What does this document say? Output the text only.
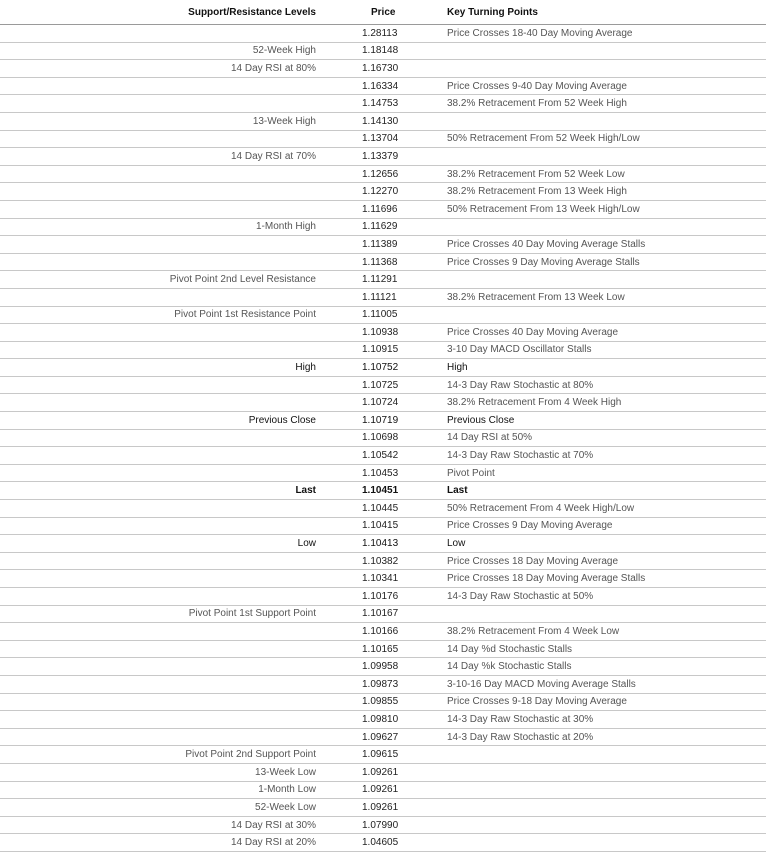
Support/Resistance Levels	Price	Key Turning Points
	1.28113	Price Crosses 18-40 Day Moving Average
52-Week High	1.18148	
14 Day RSI at 80%	1.16730	
	1.16334	Price Crosses 9-40 Day Moving Average
	1.14753	38.2% Retracement From 52 Week High
13-Week High	1.14130	
	1.13704	50% Retracement From 52 Week High/Low
14 Day RSI at 70%	1.13379	
	1.12656	38.2% Retracement From 52 Week Low
	1.12270	38.2% Retracement From 13 Week High
	1.11696	50% Retracement From 13 Week High/Low
1-Month High	1.11629	
	1.11389	Price Crosses 40 Day Moving Average Stalls
	1.11368	Price Crosses 9 Day Moving Average Stalls
Pivot Point 2nd Level Resistance	1.11291	
	1.11121	38.2% Retracement From 13 Week Low
Pivot Point 1st Resistance Point	1.11005	
	1.10938	Price Crosses 40 Day Moving Average
	1.10915	3-10 Day MACD Oscillator Stalls
High	1.10752	High
	1.10725	14-3 Day Raw Stochastic at 80%
	1.10724	38.2% Retracement From 4 Week High
Previous Close	1.10719	Previous Close
	1.10698	14 Day RSI at 50%
	1.10542	14-3 Day Raw Stochastic at 70%
	1.10453	Pivot Point
Last	1.10451	Last
	1.10445	50% Retracement From 4 Week High/Low
	1.10415	Price Crosses 9 Day Moving Average
Low	1.10413	Low
	1.10382	Price Crosses 18 Day Moving Average
	1.10341	Price Crosses 18 Day Moving Average Stalls
	1.10176	14-3 Day Raw Stochastic at 50%
Pivot Point 1st Support Point	1.10167	
	1.10166	38.2% Retracement From 4 Week Low
	1.10165	14 Day %d Stochastic Stalls
	1.09958	14 Day %k Stochastic Stalls
	1.09873	3-10-16 Day MACD Moving Average Stalls
	1.09855	Price Crosses 9-18 Day Moving Average
	1.09810	14-3 Day Raw Stochastic at 30%
	1.09627	14-3 Day Raw Stochastic at 20%
Pivot Point 2nd Support Point	1.09615	
13-Week Low	1.09261	
1-Month Low	1.09261	
52-Week Low	1.09261	
14 Day RSI at 30%	1.07990	
14 Day RSI at 20%	1.04605	
